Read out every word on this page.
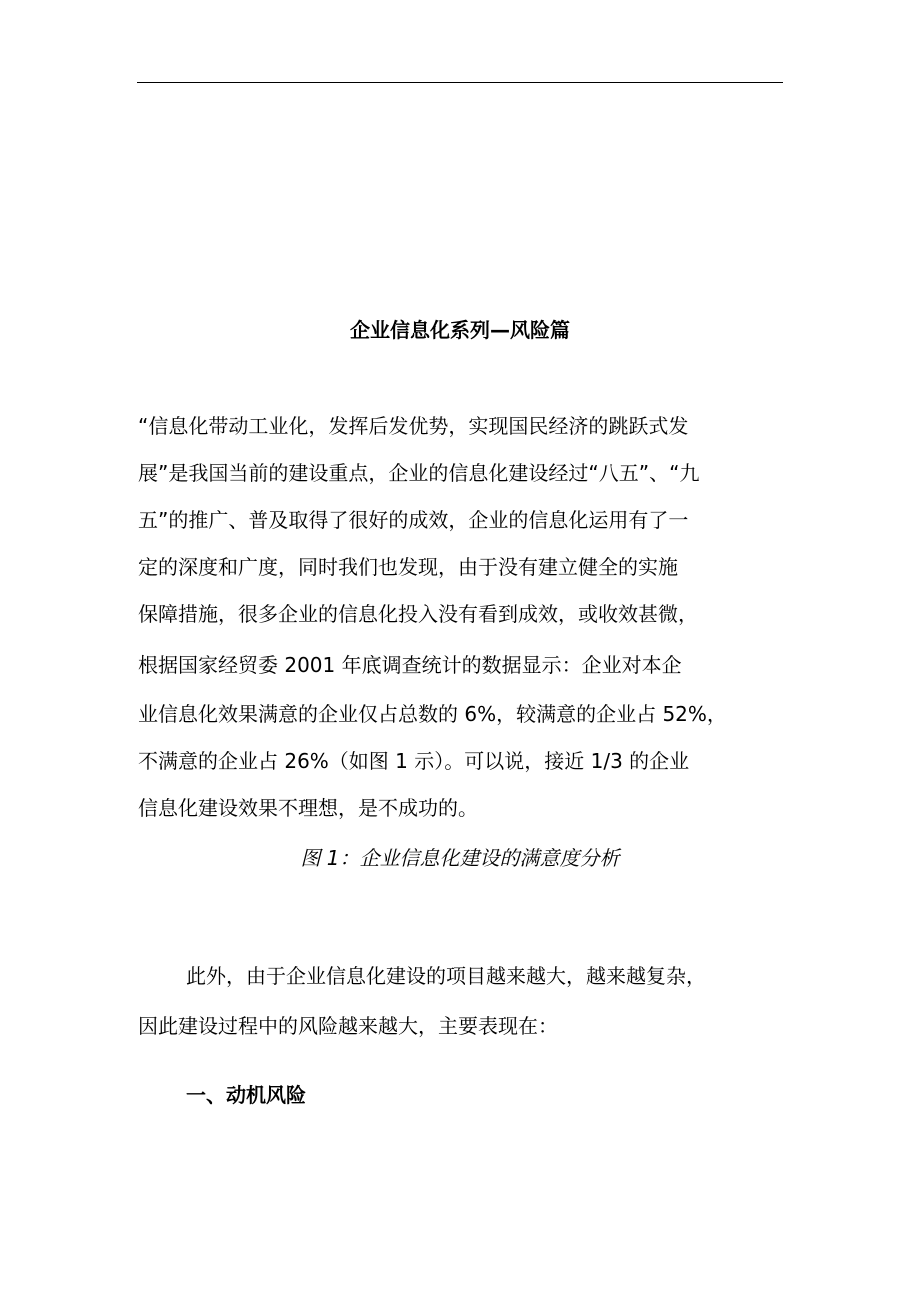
企业信息化系列—风险篇

“信息化带动工业化，发挥后发优势，实现国民经济的跳跃式发

展”是我国当前的建设重点，企业的信息化建设经过“八五”、“九

五”的推广、普及取得了很好的成效，企业的信息化运用有了一

定的深度和广度，同时我们也发现，由于没有建立健全的实施

保障措施，很多企业的信息化投入没有看到成效，或收效甚微，

根据国家经贸委 2001 年底调查统计的数据显示：企业对本企

业信息化效果满意的企业仅占总数的 6%，较满意的企业占 52%，

不满意的企业占 26%（如图 1 示）。可以说，接近 1/3 的企业

信息化建设效果不理想，是不成功的。

图 1：企业信息化建设的满意度分析

此外，由于企业信息化建设的项目越来越大，越来越复杂，

因此建设过程中的风险越来越大，主要表现在：

一、动机风险
